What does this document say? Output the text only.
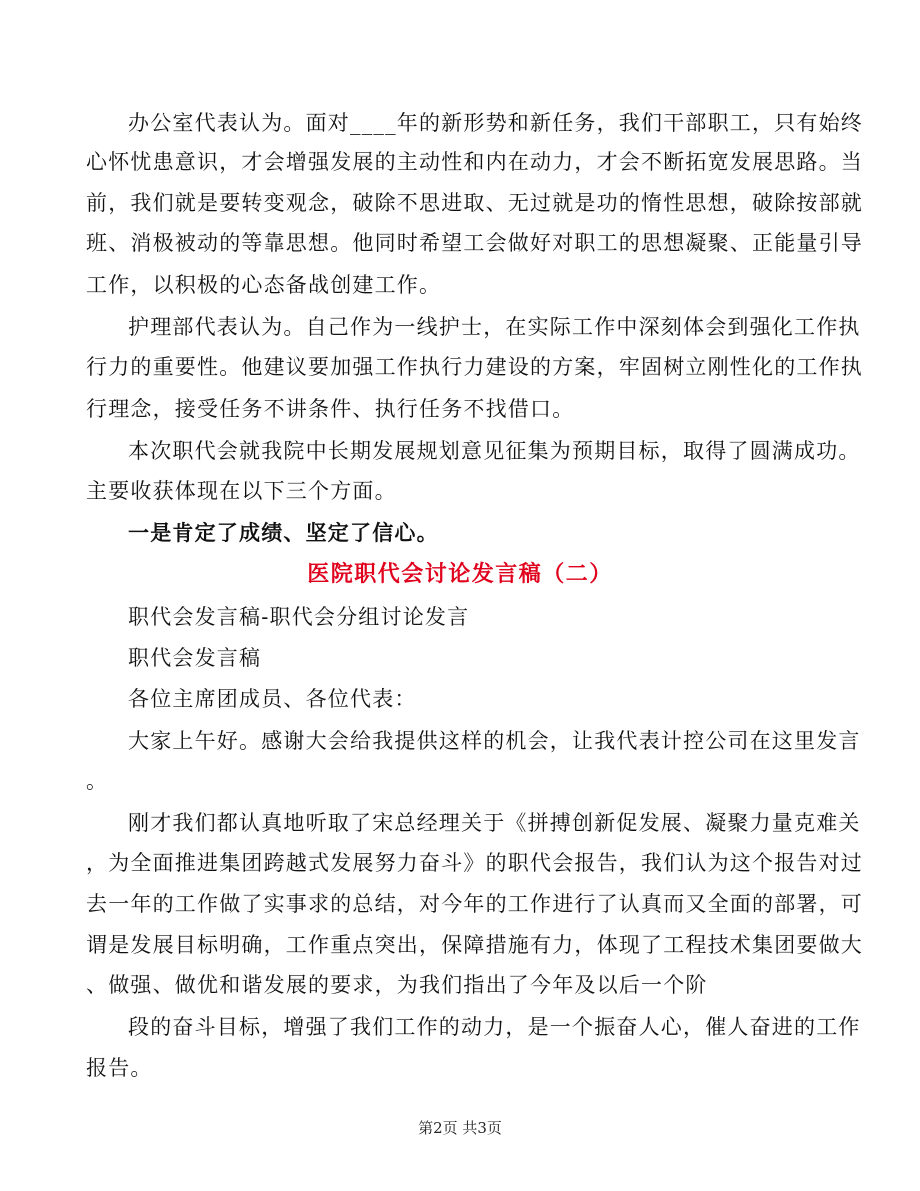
办公室代表认为。面对____年的新形势和新任务，我们干部职工，只有始终
心怀忧患意识，才会增强发展的主动性和内在动力，才会不断拓宽发展思路。当
前，我们就是要转变观念，破除不思进取、无过就是功的惰性思想，破除按部就
班、消极被动的等靠思想。他同时希望工会做好对职工的思想凝聚、正能量引导
工作，以积极的心态备战创建工作。
护理部代表认为。自己作为一线护士，在实际工作中深刻体会到强化工作执
行力的重要性。他建议要加强工作执行力建设的方案，牢固树立刚性化的工作执
行理念，接受任务不讲条件、执行任务不找借口。
本次职代会就我院中长期发展规划意见征集为预期目标，取得了圆满成功。
主要收获体现在以下三个方面。
一是肯定了成绩、坚定了信心。
医院职代会讨论发言稿（二）
职代会发言稿-职代会分组讨论发言
职代会发言稿
各位主席团成员、各位代表：
大家上午好。感谢大会给我提供这样的机会，让我代表计控公司在这里发言
。
刚才我们都认真地听取了宋总经理关于《拼搏创新促发展、凝聚力量克难关
，为全面推进集团跨越式发展努力奋斗》的职代会报告，我们认为这个报告对过
去一年的工作做了实事求的总结，对今年的工作进行了认真而又全面的部署，可
谓是发展目标明确，工作重点突出，保障措施有力，体现了工程技术集团要做大
、做强、做优和谐发展的要求，为我们指出了今年及以后一个阶
段的奋斗目标，增强了我们工作的动力，是一个振奋人心，催人奋进的工作
报告。
第2页 共3页
